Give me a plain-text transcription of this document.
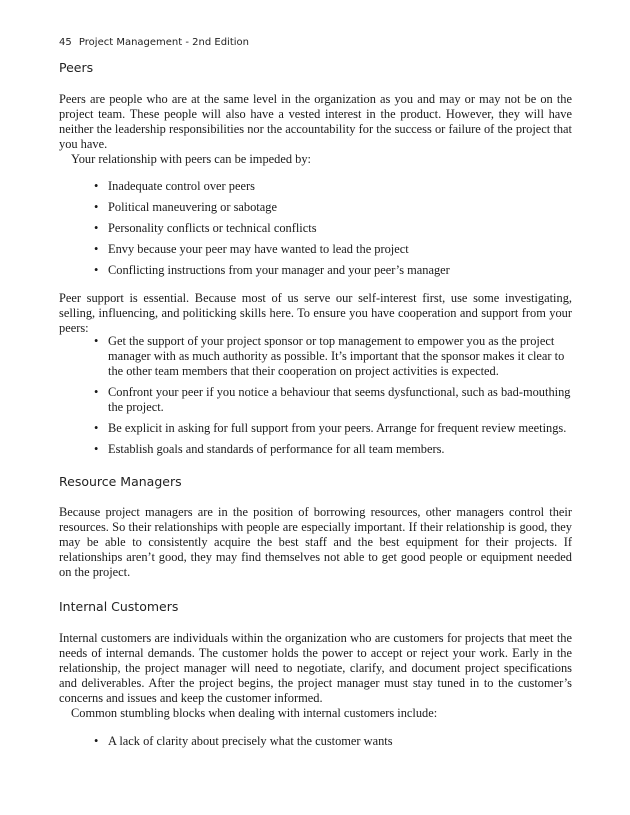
45 Project Management - 2nd Edition
Peers

Peers are people who are at the same level in the organization as you and may or may not be on the project team. These people will also have a vested interest in the product. However, they will have neither the leadership responsibilities nor the accountability for the success or failure of the project that you have.

Your relationship with peers can be impeded by:

• Inadequate control over peers
• Political maneuvering or sabotage
• Personality conflicts or technical conflicts
• Envy because your peer may have wanted to lead the project
• Conflicting instructions from your manager and your peer’s manager

Peer support is essential. Because most of us serve our self-interest first, use some investigating, selling, influencing, and politicking skills here. To ensure you have cooperation and support from your peers:

• Get the support of your project sponsor or top management to empower you as the project manager with as much authority as possible. It’s important that the sponsor makes it clear to the other team members that their cooperation on project activities is expected.
• Confront your peer if you notice a behaviour that seems dysfunctional, such as bad-mouthing the project.
• Be explicit in asking for full support from your peers. Arrange for frequent review meetings.
• Establish goals and standards of performance for all team members.
Resource Managers

Because project managers are in the position of borrowing resources, other managers control their resources. So their relationships with people are especially important. If their relationship is good, they may be able to consistently acquire the best staff and the best equipment for their projects. If relationships aren’t good, they may find themselves not able to get good people or equipment needed on the project.

Internal Customers

Internal customers are individuals within the organization who are customers for projects that meet the needs of internal demands. The customer holds the power to accept or reject your work. Early in the relationship, the project manager will need to negotiate, clarify, and document project specifications and deliverables. After the project begins, the project manager must stay tuned in to the customer’s concerns and issues and keep the customer informed.

Common stumbling blocks when dealing with internal customers include:

• A lack of clarity about precisely what the customer wants
